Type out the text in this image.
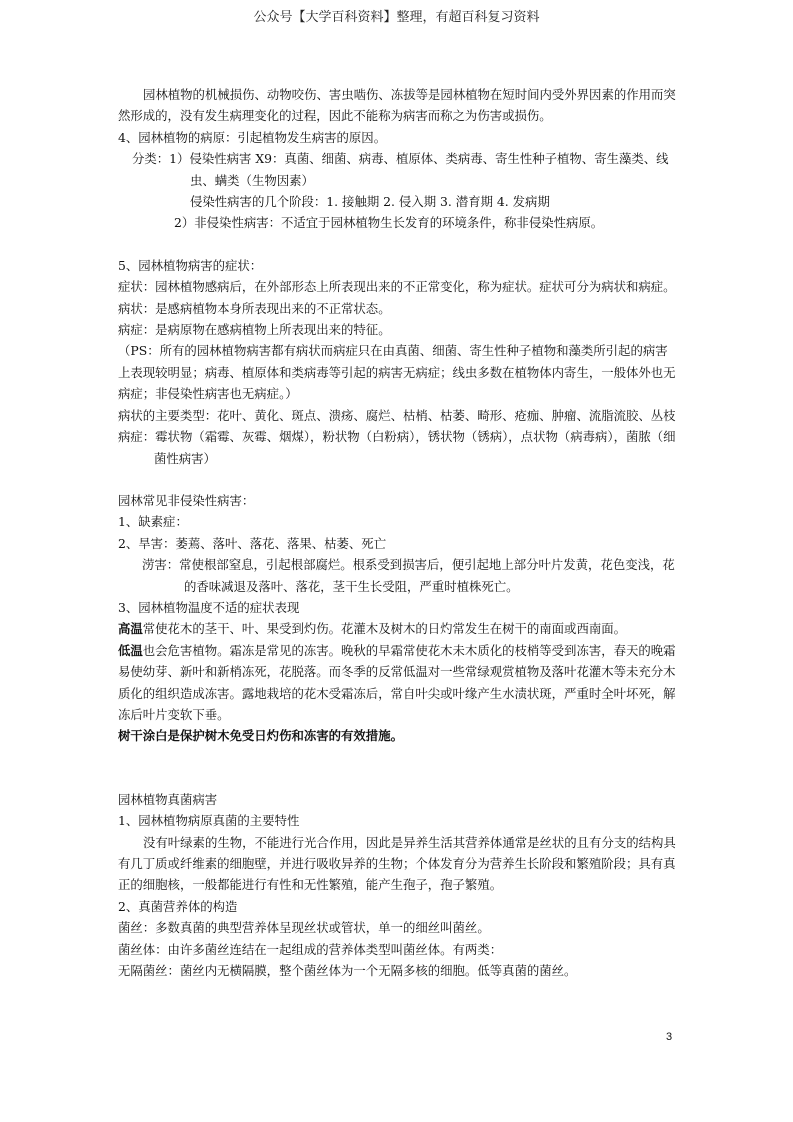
公众号【大学百科资料】整理，有超百科复习资料

园林植物的机械损伤、动物咬伤、害虫啮伤、冻拔等是园林植物在短时间内受外界因素的作用而突然形成的，没有发生病理变化的过程，因此不能称为病害而称之为伤害或损伤。

4、园林植物的病原：引起植物发生病害的原因。

分类：1）侵染性病害 X9：真菌、细菌、病毒、植原体、类病毒、寄生性种子植物、寄生藻类、线虫、螨类（生物因素）

侵染性病害的几个阶段：1. 接触期 2. 侵入期 3. 潜育期 4. 发病期

2）非侵染性病害：不适宜于园林植物生长发育的环境条件，称非侵染性病原。

5、园林植物病害的症状：

症状：园林植物感病后，在外部形态上所表现出来的不正常变化，称为症状。症状可分为病状和病症。

病状：是感病植物本身所表现出来的不正常状态。

病症：是病原物在感病植物上所表现出来的特征。

（PS：所有的园林植物病害都有病状而病症只在由真菌、细菌、寄生性种子植物和藻类所引起的病害上表现较明显；病毒、植原体和类病毒等引起的病害无病症；线虫多数在植物体内寄生，一般体外也无病症；非侵染性病害也无病症。）

病状的主要类型：花叶、黄化、斑点、溃疡、腐烂、枯梢、枯萎、畸形、疮痂、肿瘤、流脂流胶、丛枝

病症：霉状物（霜霉、灰霉、烟煤），粉状物（白粉病），锈状物（锈病），点状物（病毒病），菌脓（细菌性病害）

园林常见非侵染性病害：

1、缺素症：

2、旱害：萎蔫、落叶、落花、落果、枯萎、死亡

涝害：常使根部窒息，引起根部腐烂。根系受到损害后，便引起地上部分叶片发黄，花色变浅，花的香味减退及落叶、落花，茎干生长受阻，严重时植株死亡。

3、园林植物温度不适的症状表现

高温常使花木的茎干、叶、果受到灼伤。花灌木及树木的日灼常发生在树干的南面或西南面。

低温也会危害植物。霜冻是常见的冻害。晚秋的早霜常使花木未木质化的枝梢等受到冻害，春天的晚霜易使幼芽、新叶和新梢冻死，花脱落。而冬季的反常低温对一些常绿观赏植物及落叶花灌木等未充分木质化的组织造成冻害。露地栽培的花木受霜冻后，常自叶尖或叶缘产生水渍状斑，严重时全叶坏死，解冻后叶片变软下垂。

树干涂白是保护树木免受日灼伤和冻害的有效措施。

园林植物真菌病害

1、园林植物病原真菌的主要特性

没有叶绿素的生物，不能进行光合作用，因此是异养生活其营养体通常是丝状的且有分支的结构具有几丁质或纤维素的细胞壁，并进行吸收异养的生物；个体发育分为营养生长阶段和繁殖阶段；具有真正的细胞核，一般都能进行有性和无性繁殖，能产生孢子，孢子繁殖。

2、真菌营养体的构造

菌丝：多数真菌的典型营养体呈现丝状或管状，单一的细丝叫菌丝。

菌丝体：由许多菌丝连结在一起组成的营养体类型叫菌丝体。有两类：

无隔菌丝：菌丝内无横隔膜，整个菌丝体为一个无隔多核的细胞。低等真菌的菌丝。

3
